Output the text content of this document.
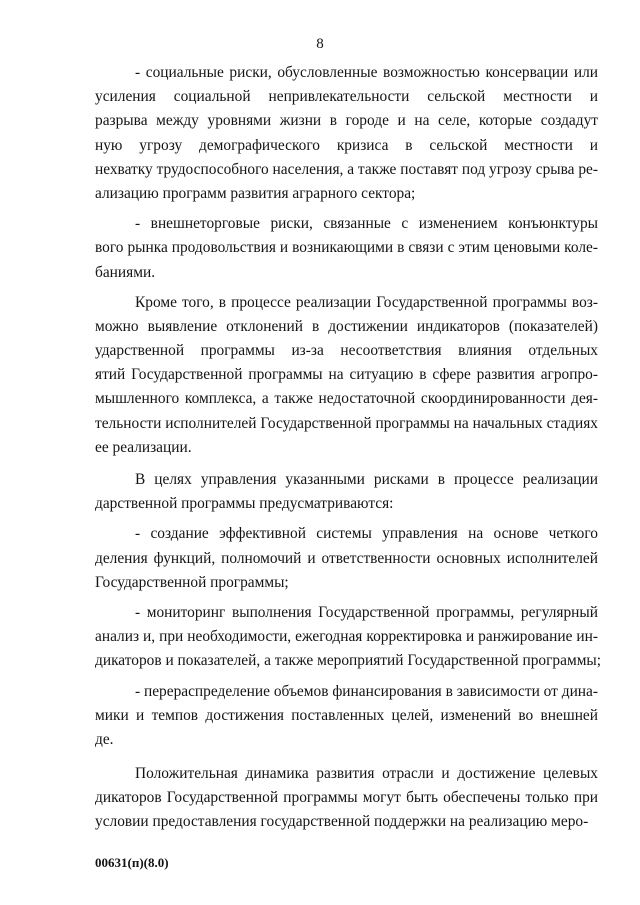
8
- социальные риски, обусловленные возможностью консервации или
усиления социальной непривлекательности сельской местности и
разрыва между уровнями жизни в городе и на селе, которые создадут
ную угрозу демографического кризиса в сельской местности и
нехватку трудоспособного населения, а также поставят под угрозу срыва ре-
ализацию программ развития аграрного сектора;
- внешнеторговые риски, связанные с изменением конъюнктуры
вого рынка продовольствия и возникающими в связи с этим ценовыми коле-
баниями.
Кроме того, в процессе реализации Государственной программы воз-
можно выявление отклонений в достижении индикаторов (показателей)
ударственной программы из-за несоответствия влияния отдельных
ятий Государственной программы на ситуацию в сфере развития агропро-
мышленного комплекса, а также недостаточной скоординированности дея-
тельности исполнителей Государственной программы на начальных стадиях
ее реализации.
В целях управления указанными рисками в процессе реализации
дарственной программы предусматриваются:
- создание эффективной системы управления на основе четкого
деления функций, полномочий и ответственности основных исполнителей
Государственной программы;
- мониторинг выполнения Государственной программы, регулярный
анализ и, при необходимости, ежегодная корректировка и ранжирование ин-
дикаторов и показателей, а также мероприятий Государственной программы;
- перераспределение объемов финансирования в зависимости от дина-
мики и темпов достижения поставленных целей, изменений во внешней
де.
Положительная динамика развития отрасли и достижение целевых
дикаторов Государственной программы могут быть обеспечены только при
условии предоставления государственной поддержки на реализацию меро-
00631(п)(8.0)
